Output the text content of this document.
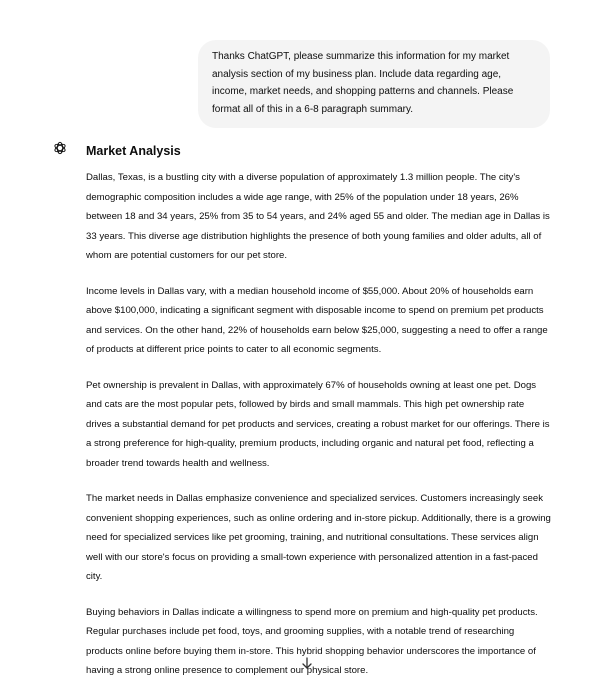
Thanks ChatGPT, please summarize this information for my market analysis section of my business plan. Include data regarding age, income, market needs, and shopping patterns and channels. Please format all of this in a 6-8 paragraph summary.
Market Analysis

Dallas, Texas, is a bustling city with a diverse population of approximately 1.3 million people. The city's demographic composition includes a wide age range, with 25% of the population under 18 years, 26% between 18 and 34 years, 25% from 35 to 54 years, and 24% aged 55 and older. The median age in Dallas is 33 years. This diverse age distribution highlights the presence of both young families and older adults, all of whom are potential customers for our pet store.

Income levels in Dallas vary, with a median household income of $55,000. About 20% of households earn above $100,000, indicating a significant segment with disposable income to spend on premium pet products and services. On the other hand, 22% of households earn below $25,000, suggesting a need to offer a range of products at different price points to cater to all economic segments.

Pet ownership is prevalent in Dallas, with approximately 67% of households owning at least one pet. Dogs and cats are the most popular pets, followed by birds and small mammals. This high pet ownership rate drives a substantial demand for pet products and services, creating a robust market for our offerings. There is a strong preference for high-quality, premium products, including organic and natural pet food, reflecting a broader trend towards health and wellness.

The market needs in Dallas emphasize convenience and specialized services. Customers increasingly seek convenient shopping experiences, such as online ordering and in-store pickup. Additionally, there is a growing need for specialized services like pet grooming, training, and nutritional consultations. These services align well with our store's focus on providing a small-town experience with personalized attention in a fast-paced city.

Buying behaviors in Dallas indicate a willingness to spend more on premium and high-quality pet products. Regular purchases include pet food, toys, and grooming supplies, with a notable trend of researching products online before buying them in-store. This hybrid shopping behavior underscores the importance of having a strong online presence to complement our physical store.
